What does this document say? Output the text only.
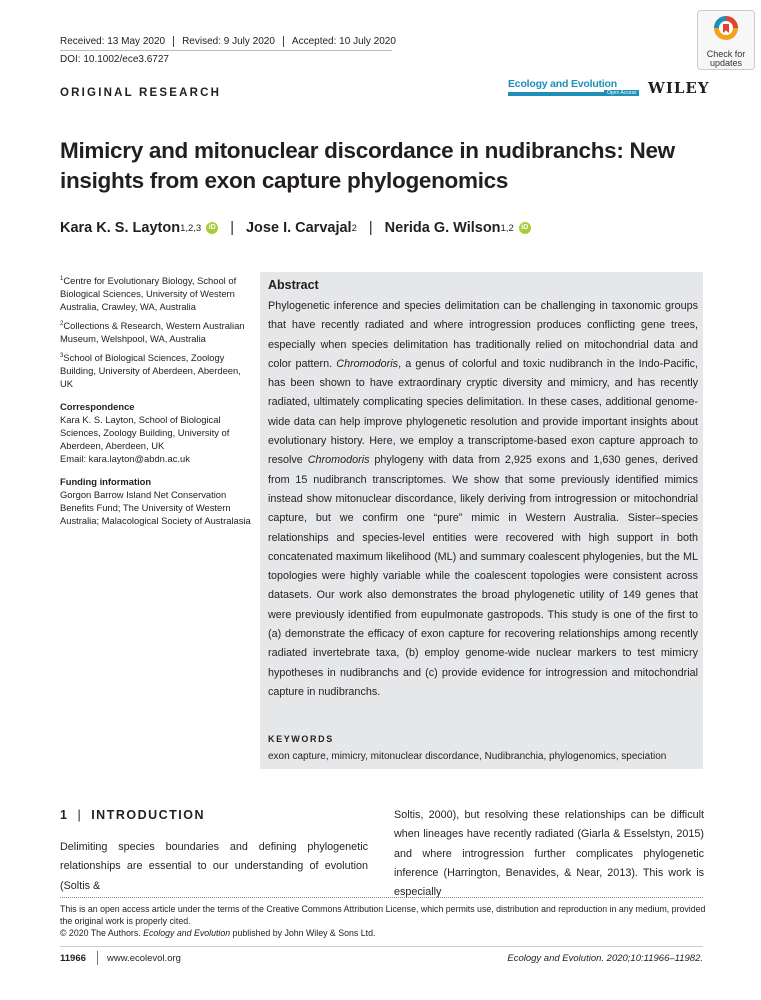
Received: 13 May 2020	Revised: 9 July 2020	Accepted: 10 July 2020
DOI: 10.1002/ece3.6727
ORIGINAL RESEARCH
Ecology and Evolution
Open Access WILEY
Check for
updates
Mimicry and mitonuclear discordance in nudibranchs: New insights from exon capture phylogenomics
Kara K. S. Layton 1,2,3	iD | Jose I. Carvajal 2 | Nerida G. Wilson 1,2	iD

$^1$Centre for Evolutionary Biology, School of Biological Sciences, University of Western Australia, Crawley, WA, Australia

$^2$Collections & Research, Western Australian Museum, Welshpool, WA, Australia

$^3$School of Biological Sciences, Zoology Building, University of Aberdeen, Aberdeen, UK

Correspondence

Kara K. S. Layton, School of Biological Sciences, Zoology Building, University of Aberdeen, Aberdeen, UK
Email: kara.layton@abdn.ac.uk

Funding information

Gorgon Barrow Island Net Conservation Benefits Fund; The University of Western Australia; Malacological Society of Australasia

Abstract
Phylogenetic inference and species delimitation can be challenging in taxonomic groups that have recently radiated and where introgression produces conflicting gene trees, especially when species delimitation has traditionally relied on mitochondrial data and color pattern. Chromodoris, a genus of colorful and toxic nudibranch in the Indo-Pacific, has been shown to have extraordinary cryptic diversity and mimicry, and has recently radiated, ultimately complicating species delimitation. In these cases, additional genome-wide data can help improve phylogenetic resolution and provide important insights about evolutionary history. Here, we employ a transcriptome-based exon capture approach to resolve Chromodoris phylogeny with data from 2,925 exons and 1,630 genes, derived from 15 nudibranch transcriptomes. We show that some previously identified mimics instead show mitonuclear discordance, likely deriving from introgression or mitochondrial capture, but we confirm one “pure” mimic in Western Australia. Sister–species relationships and species-level entities were recovered with high support in both concatenated maximum likelihood (ML) and summary coalescent phylogenies, but the ML topologies were highly variable while the coalescent topologies were consistent across datasets. Our work also demonstrates the broad phylogenetic utility of 149 genes that were previously identified from eupulmonate gastropods. This study is one of the first to (a) demonstrate the efficacy of exon capture for recovering relationships among recently radiated invertebrate taxa, (b) employ genome-wide nuclear markers to test mimicry hypotheses in nudibranchs and (c) provide evidence for introgression and mitochondrial capture in nudibranchs.
KEYWORDS
exon capture, mimicry, mitonuclear discordance, Nudibranchia, phylogenomics, speciation
1 | INTRODUCTION
Delimiting species boundaries and defining phylogenetic relationships are essential to our understanding of evolution (Soltis &
Soltis, 2000), but resolving these relationships can be difficult when lineages have recently radiated (Giarla & Esselstyn, 2015) and where introgression further complicates phylogenetic inference (Harrington, Benavides, & Near, 2013). This work is especially
This is an open access article under the terms of the Creative Commons Attribution License, which permits use, distribution and reproduction in any medium, provided the original work is properly cited.
© 2020 The Authors. Ecology and Evolution published by John Wiley & Sons Ltd.
11966 www.ecolevol.org	Ecology and Evolution. 2020;10:11966–11982.
